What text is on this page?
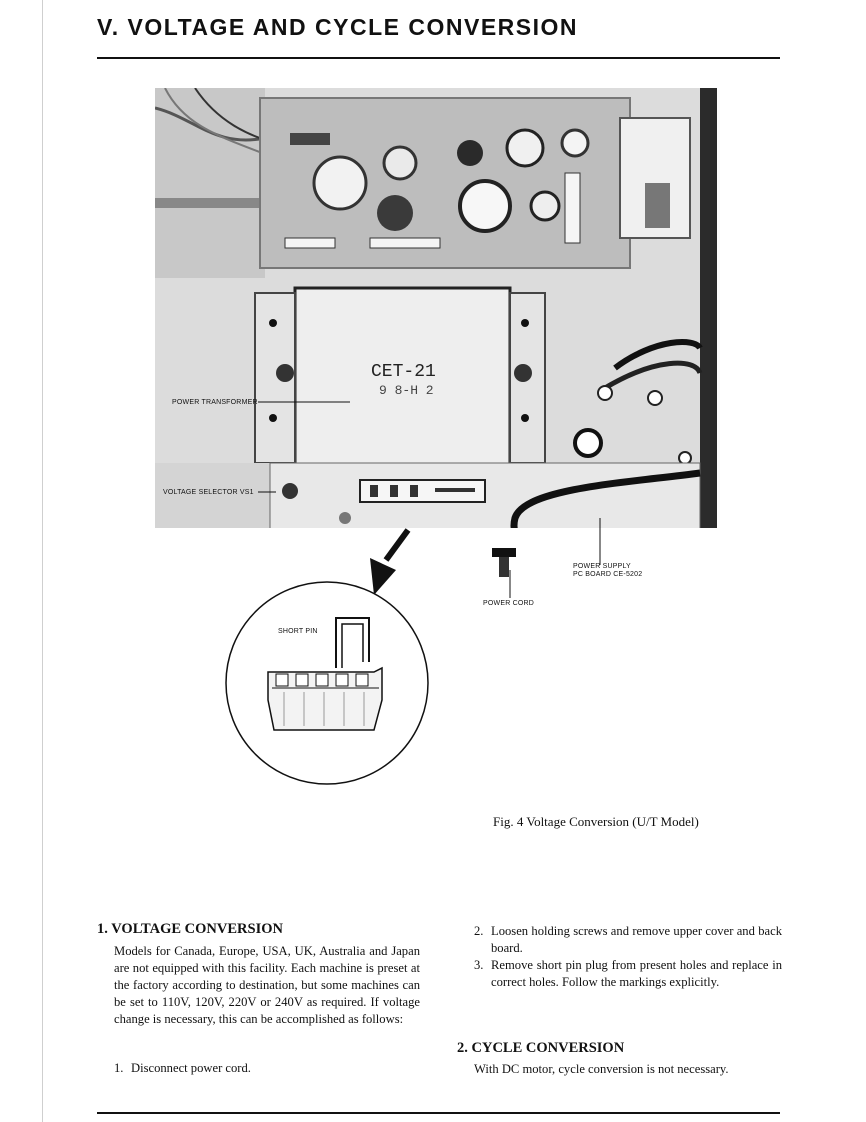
V. VOLTAGE AND CYCLE CONVERSION
CET-21
9 8-H 2
POWER TRANSFORMER
VOLTAGE SELECTOR VS1
POWER SUPPLY
PC BOARD CE-5202
POWER CORD
SHORT PIN
Fig. 4 Voltage Conversion (U/T Model)
1. VOLTAGE CONVERSION

Models for Canada, Europe, USA, UK, Australia and Japan are not equipped with this facility. Each machine is preset at the factory according to destination, but some machines can be set to 110V, 120V, 220V or 240V as required. If voltage change is necessary, this can be accomplished as follows:

1. Disconnect power cord.
2. Loosen holding screws and remove upper cover and back board.
3. Remove short pin plug from present holes and replace in correct holes. Follow the markings explicitly.
2. CYCLE CONVERSION

With DC motor, cycle conversion is not necessary.
